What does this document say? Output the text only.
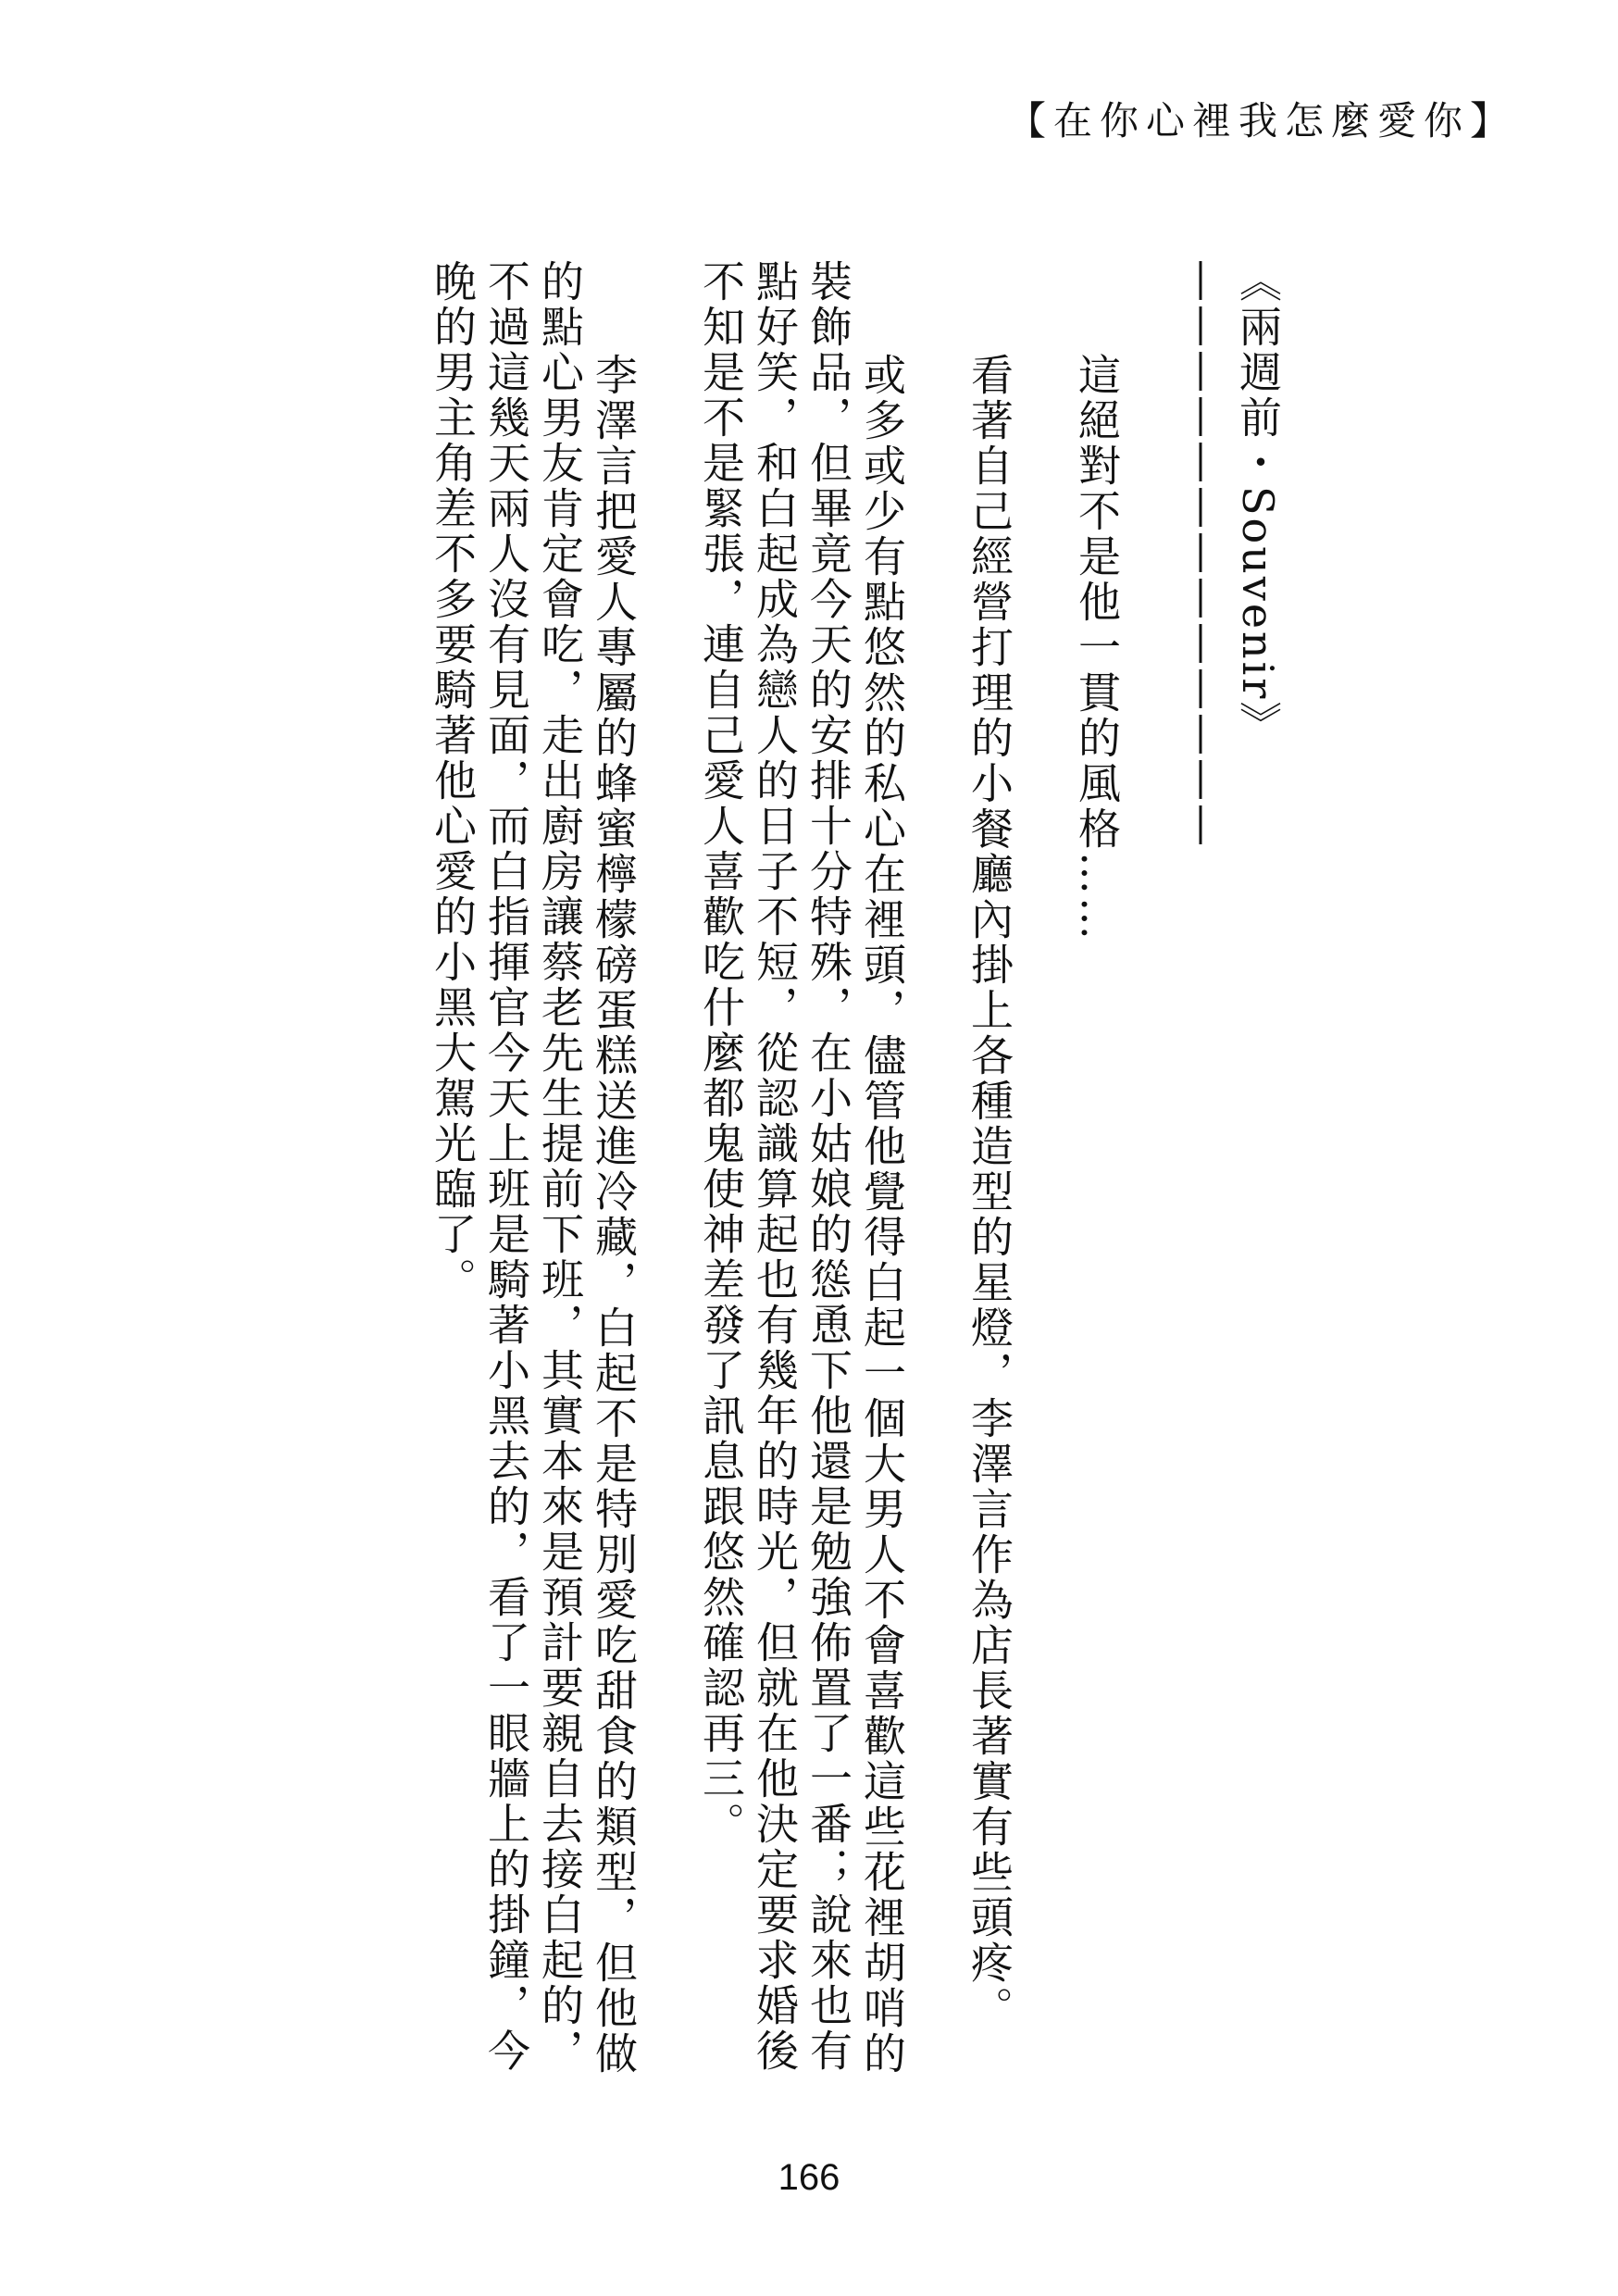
【在你心裡我怎麼愛你】

《兩週前・Souvenir》

—————————————

這絕對不是他一貫的風格……

看著自己經營打理的小餐廳內掛上各種造型的星燈，李澤言作為店長著實有些頭疼。

或多或少有點悠然的私心在裡頭，儘管他覺得白起一個大男人不會喜歡這些花裡胡哨的裝飾品，但畢竟今天的安排十分特殊，在小姑娘的慫恿下他還是勉強佈置了一番；說來也有點好笑，和白起成為戀人的日子不短，從認識算起也有幾年的時光，但就在他決定要求婚後不知是不是緊張，連自己愛人喜歡吃什麼都鬼使神差發了訊息跟悠然確認再三。

李澤言把愛人專屬的蜂蜜檸檬磅蛋糕送進冷藏，白起不是特別愛吃甜食的類型，但他做的點心男友肯定會吃，走出廚房讓蔡老先生提前下班，其實本來是預計要親自去接白起的，不過這幾天兩人沒有見面，而白指揮官今天上班是騎著小黑去的，看了一眼牆上的掛鐘，今晚的男主角差不多要騎著他心愛的小黑大駕光臨了。

166
